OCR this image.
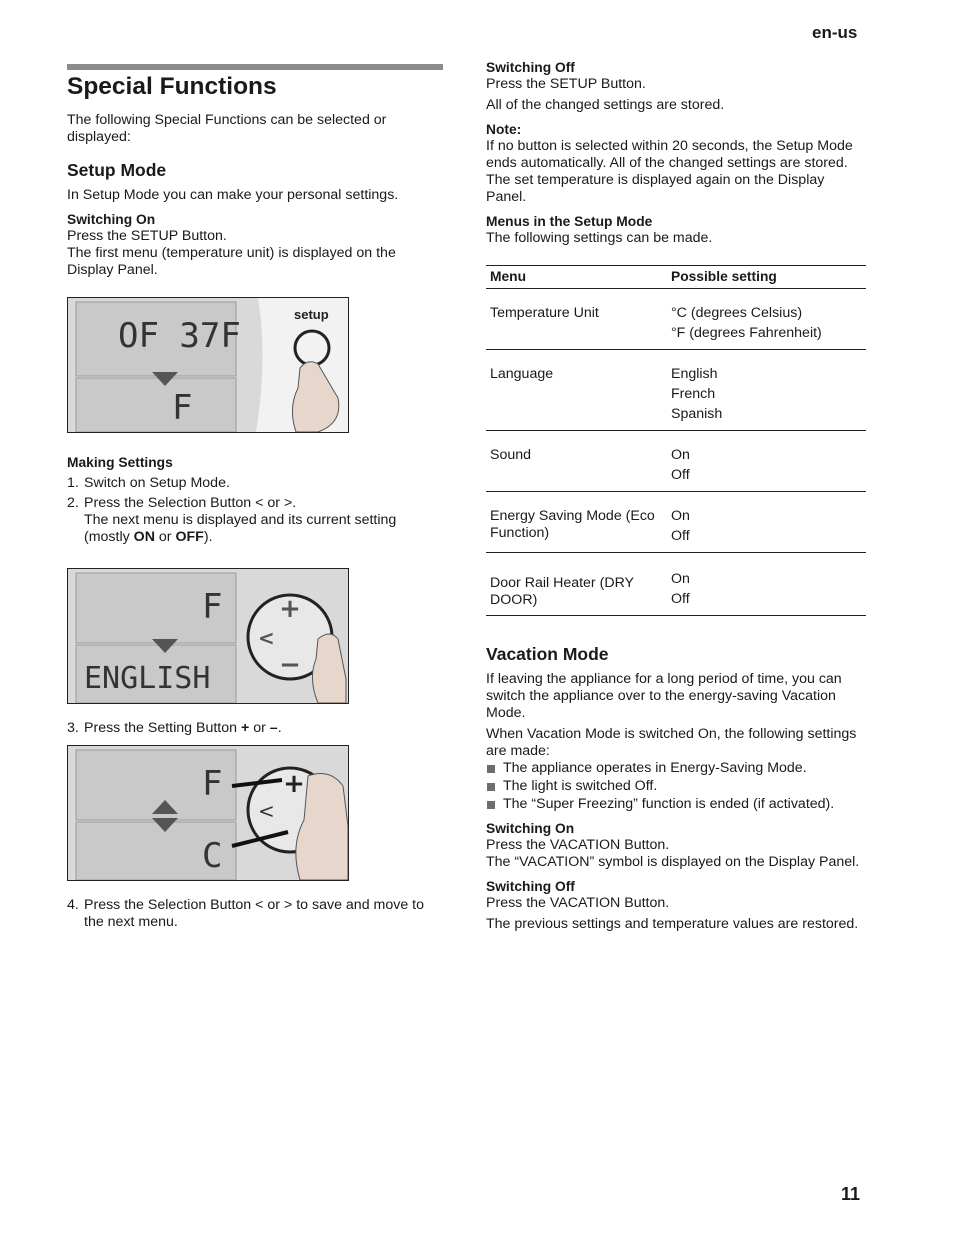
en-us
Special Functions

The following Special Functions can be selected or displayed:

Setup Mode

In Setup Mode you can make your personal settings.

Switching On

Press the SETUP Button.

The first menu (temperature unit) is displayed on the Display Panel.

OF 37F
F
setup
Making Settings
1. Switch on Setup Mode.
2. Press the Selection Button < or >.
The next menu is displayed and its current setting (mostly ON or OFF).
+
−
<
F
ENGLISH
3. Press the Setting Button + or –.
+
<
F
C
4. Press the Selection Button < or > to save and move to the next menu.
Switching Off

Press the SETUP Button.

All of the changed settings are stored.

Note:

If no button is selected within 20 seconds, the Setup Mode ends automatically. All of the changed settings are stored. The set temperature is displayed again on the Display Panel.

Menus in the Setup Mode

The following settings can be made.

Menu	Possible setting
Temperature Unit	°C (degrees Celsius)
°F (degrees Fahrenheit)

Language	English
French
Spanish

Sound	On
Off

Energy Saving Mode (Eco Function)	On
Off

Door Rail Heater (DRY DOOR)	On
Off
Vacation Mode

If leaving the appliance for a long period of time, you can switch the appliance over to the energy-saving Vacation Mode.

When Vacation Mode is switched On, the following settings are made:

The appliance operates in Energy-Saving Mode.
The light is switched Off.
The “Super Freezing” function is ended (if activated).
Switching On

Press the VACATION Button.

The “VACATION” symbol is displayed on the Display Panel.

Switching Off

Press the VACATION Button.

The previous settings and temperature values are restored.

11
